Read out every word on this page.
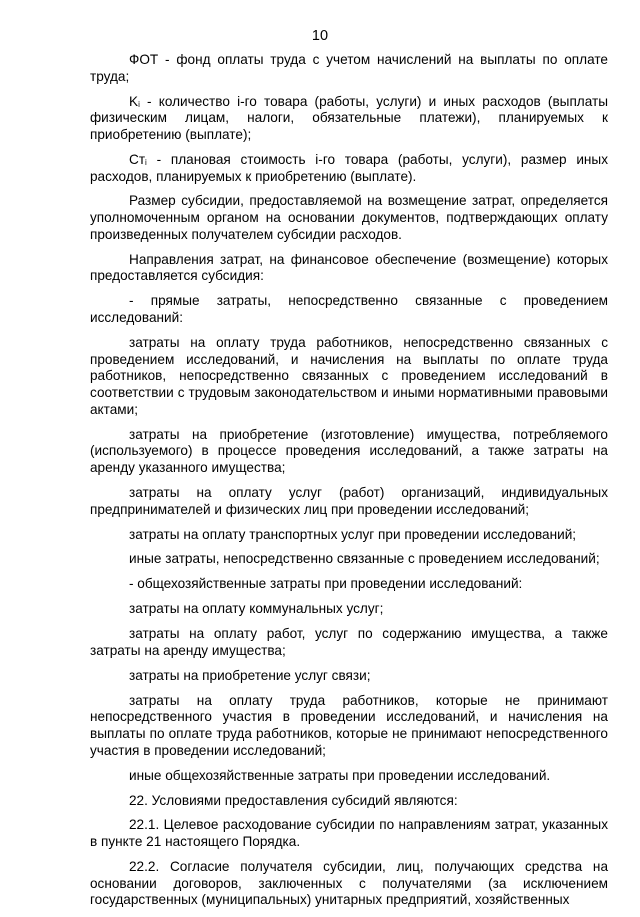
10

ФОТ - фонд оплаты труда с учетом начислений на выплаты по оплате труда;

$K_i$ - количество i-го товара (работы, услуги) и иных расходов (выплаты физическим лицам, налоги, обязательные платежи), планируемых к приобретению (выплате);

$Ст_i$ - плановая стоимость i-го товара (работы, услуги), размер иных расходов, планируемых к приобретению (выплате).

Размер субсидии, предоставляемой на возмещение затрат, определяется уполномоченным органом на основании документов, подтверждающих оплату произведенных получателем субсидии расходов.

Направления затрат, на финансовое обеспечение (возмещение) которых предоставляется субсидия:

- прямые затраты, непосредственно связанные с проведением исследований:

затраты на оплату труда работников, непосредственно связанных с проведением исследований, и начисления на выплаты по оплате труда работников, непосредственно связанных с проведением исследований в соответствии с трудовым законодательством и иными нормативными правовыми актами;

затраты на приобретение (изготовление) имущества, потребляемого (используемого) в процессе проведения исследований, а также затраты на аренду указанного имущества;

затраты на оплату услуг (работ) организаций, индивидуальных предпринимателей и физических лиц при проведении исследований;

затраты на оплату транспортных услуг при проведении исследований;

иные затраты, непосредственно связанные с проведением исследований;

- общехозяйственные затраты при проведении исследований:

затраты на оплату коммунальных услуг;

затраты на оплату работ, услуг по содержанию имущества, а также затраты на аренду имущества;

затраты на приобретение услуг связи;

затраты на оплату труда работников, которые не принимают непосредственного участия в проведении исследований, и начисления на выплаты по оплате труда работников, которые не принимают непосредственного участия в проведении исследований;

иные общехозяйственные затраты при проведении исследований.

22. Условиями предоставления субсидий являются:

22.1. Целевое расходование субсидии по направлениям затрат, указанных в пункте 21 настоящего Порядка.

22.2. Согласие получателя субсидии, лиц, получающих средства на основании договоров, заключенных с получателями (за исключением государственных (муниципальных) унитарных предприятий, хозяйственных
